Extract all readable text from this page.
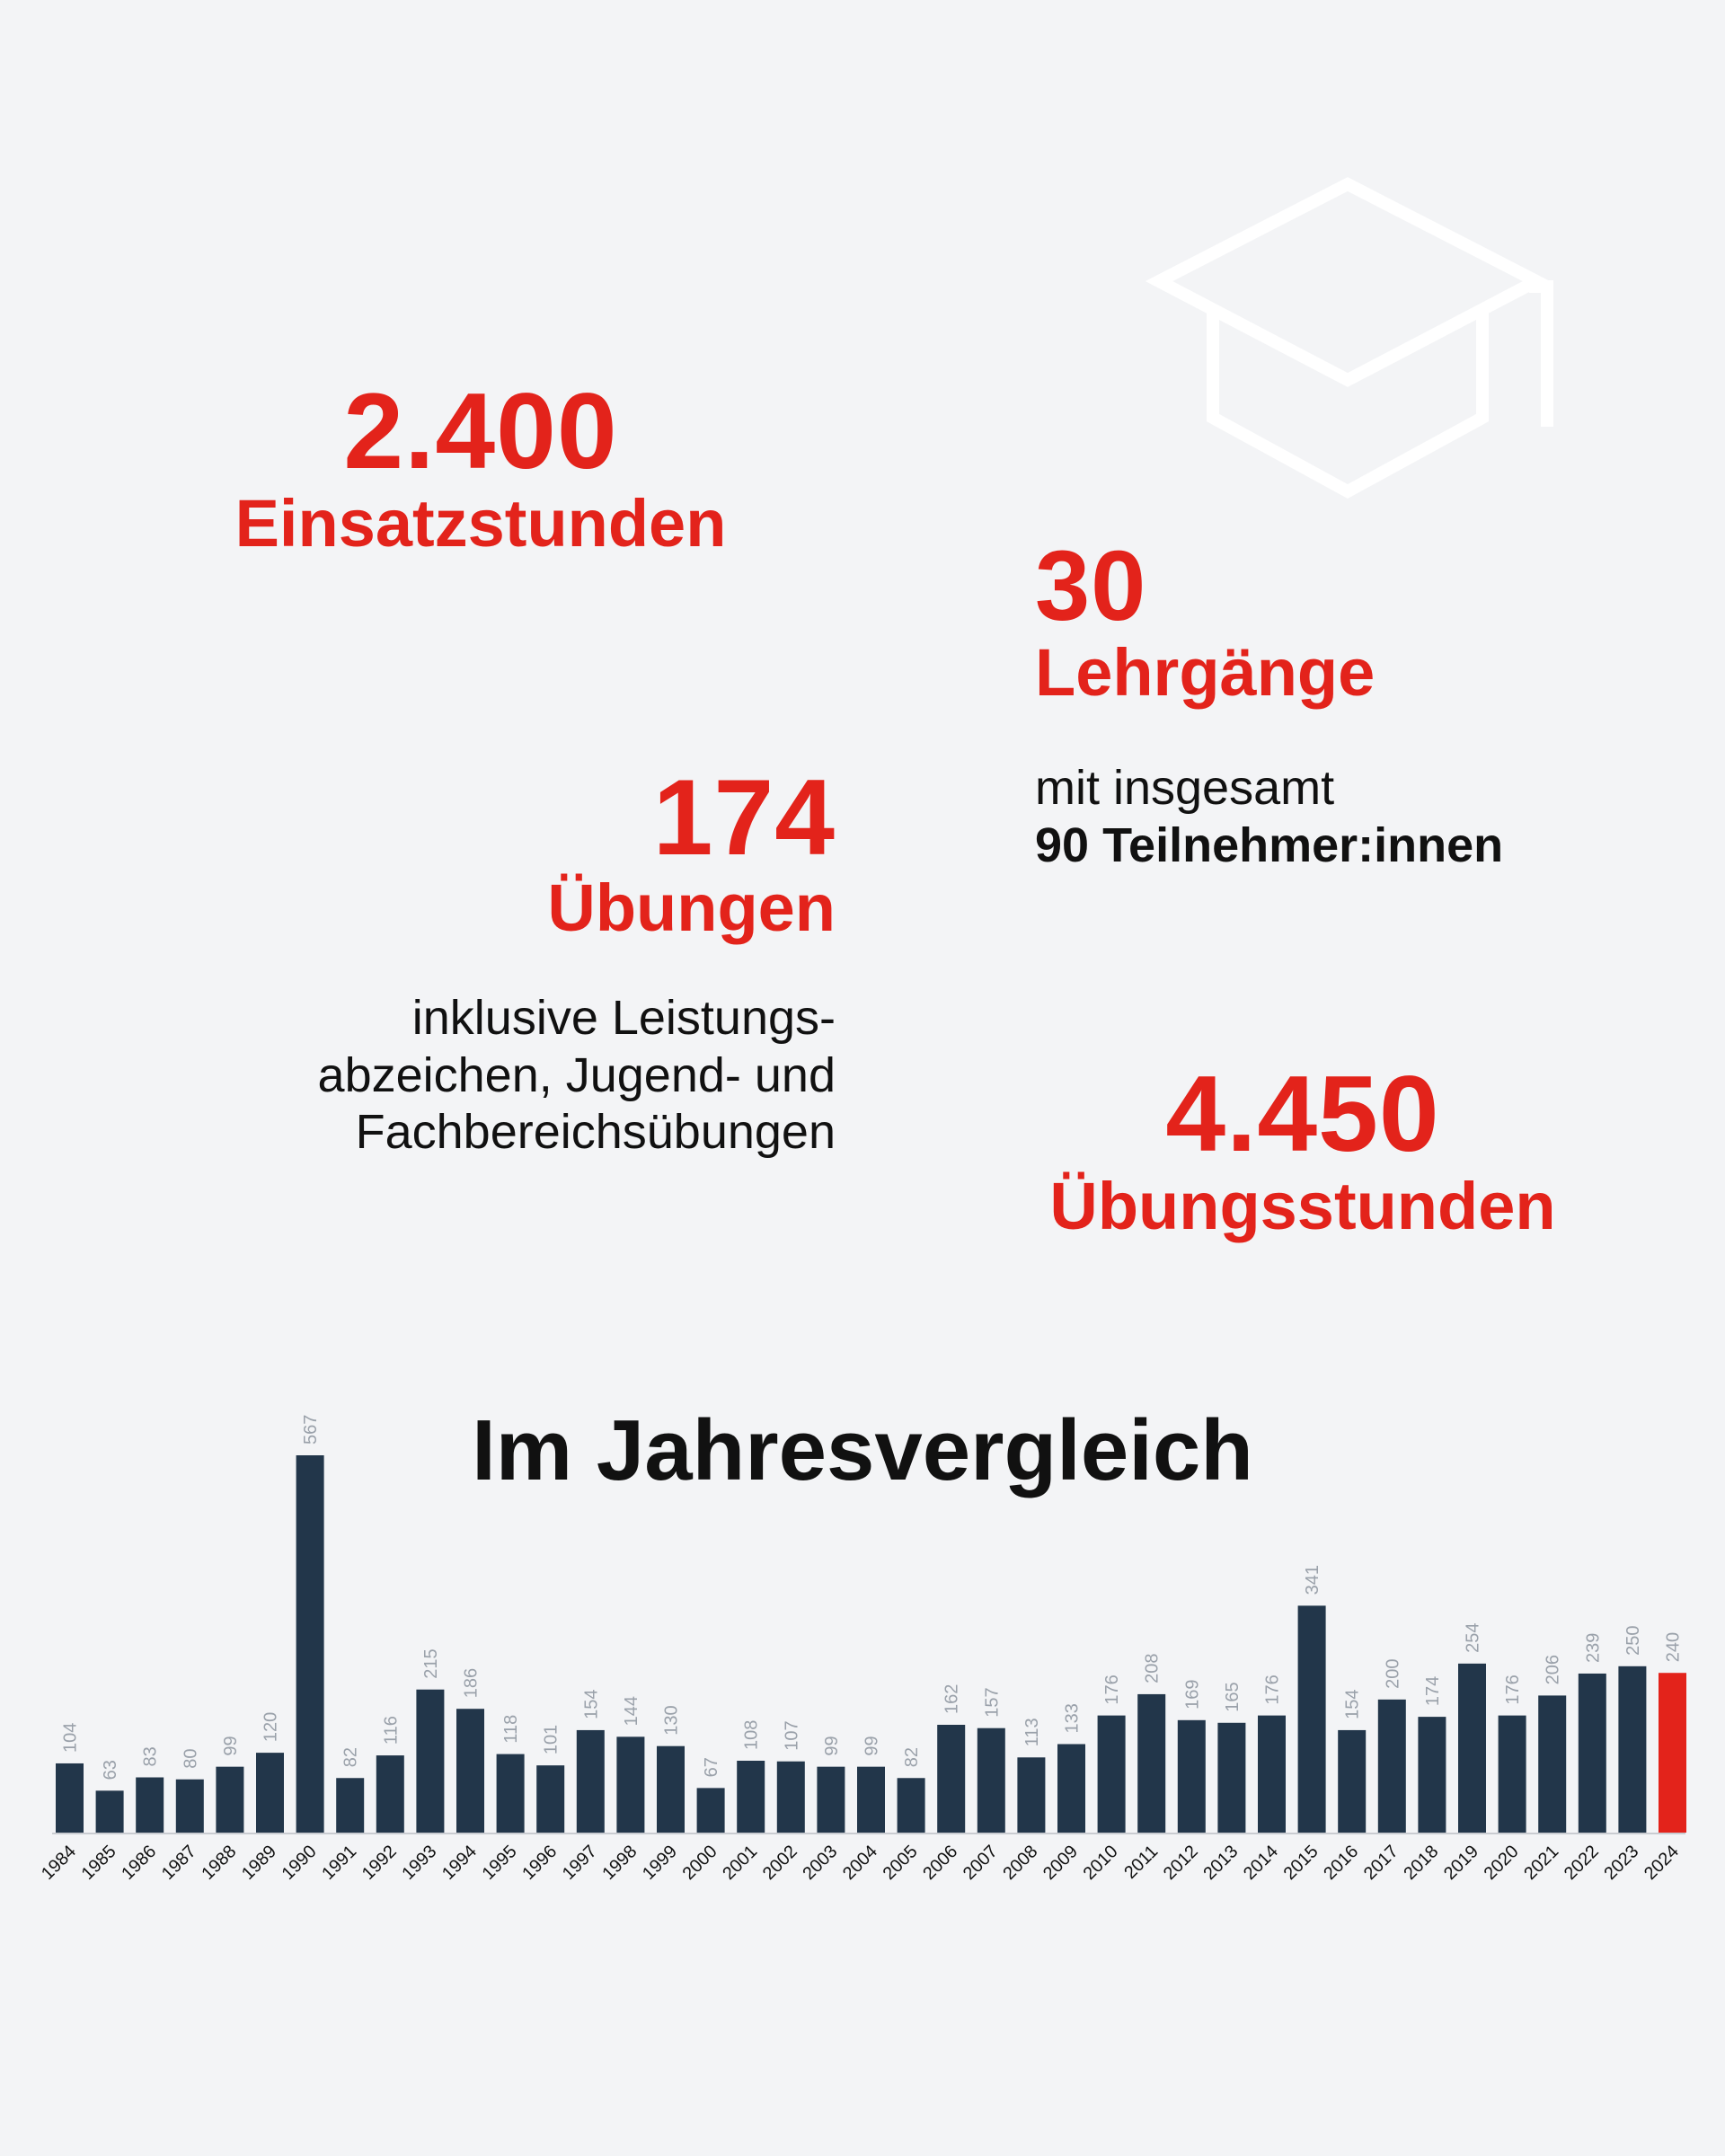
2.400
Einsatzstunden
30
Lehrgänge
mit insgesamt
90 Teilnehmer:innen
174
Übungen
inklusive Leistungs-
abzeichen, Jugend- und
Fachbereichsübungen	4.450
Übungsstunden
Im Jahresvergleich
104
1984
63
1985
83
1986
80
1987
99
1988
120
1989
567
1990
82
1991
116
1992
215
1993
186
1994
118
1995
101
1996
154
1997
144
1998
130
1999
67
2000
108
2001
107
2002
99
2003
99
2004
82
2005
162
2006
157
2007
113
2008
133
2009
176
2010
208
2011
169
2012
165
2013
176
2014
341
2015
154
2016
200
2017
174
2018
254
2019
176
2020
206
2021
239
2022
250
2023
240
2024
